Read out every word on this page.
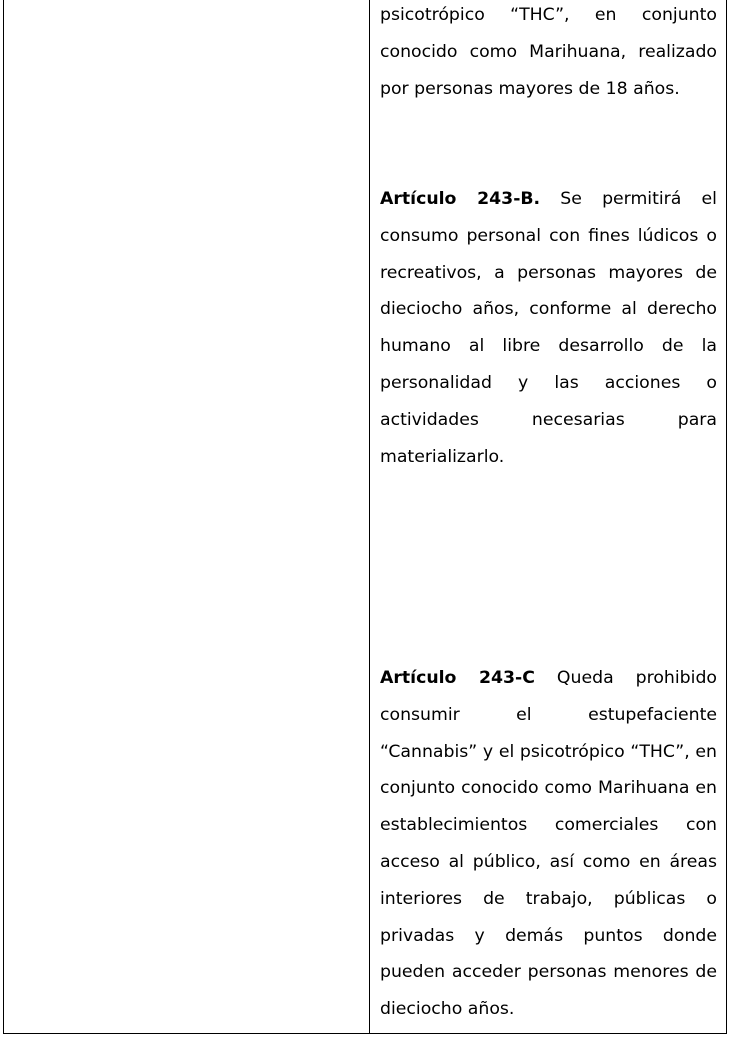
psicotrópico “THC”, en conjunto conocido como Marihuana, realizado por personas mayores de 18 años.
Artículo 243-B. Se permitirá el consumo personal con fines lúdicos o recreativos, a personas mayores de dieciocho años, conforme al derecho humano al libre desarrollo de la personalidad y las acciones o actividades necesarias para materializarlo.
Artículo 243-C Queda prohibido consumir el estupefaciente “Cannabis” y el psicotrópico “THC”, en conjunto conocido como Marihuana en establecimientos comerciales con acceso al público, así como en áreas interiores de trabajo, públicas o privadas y demás puntos donde pueden acceder personas menores de dieciocho años.
